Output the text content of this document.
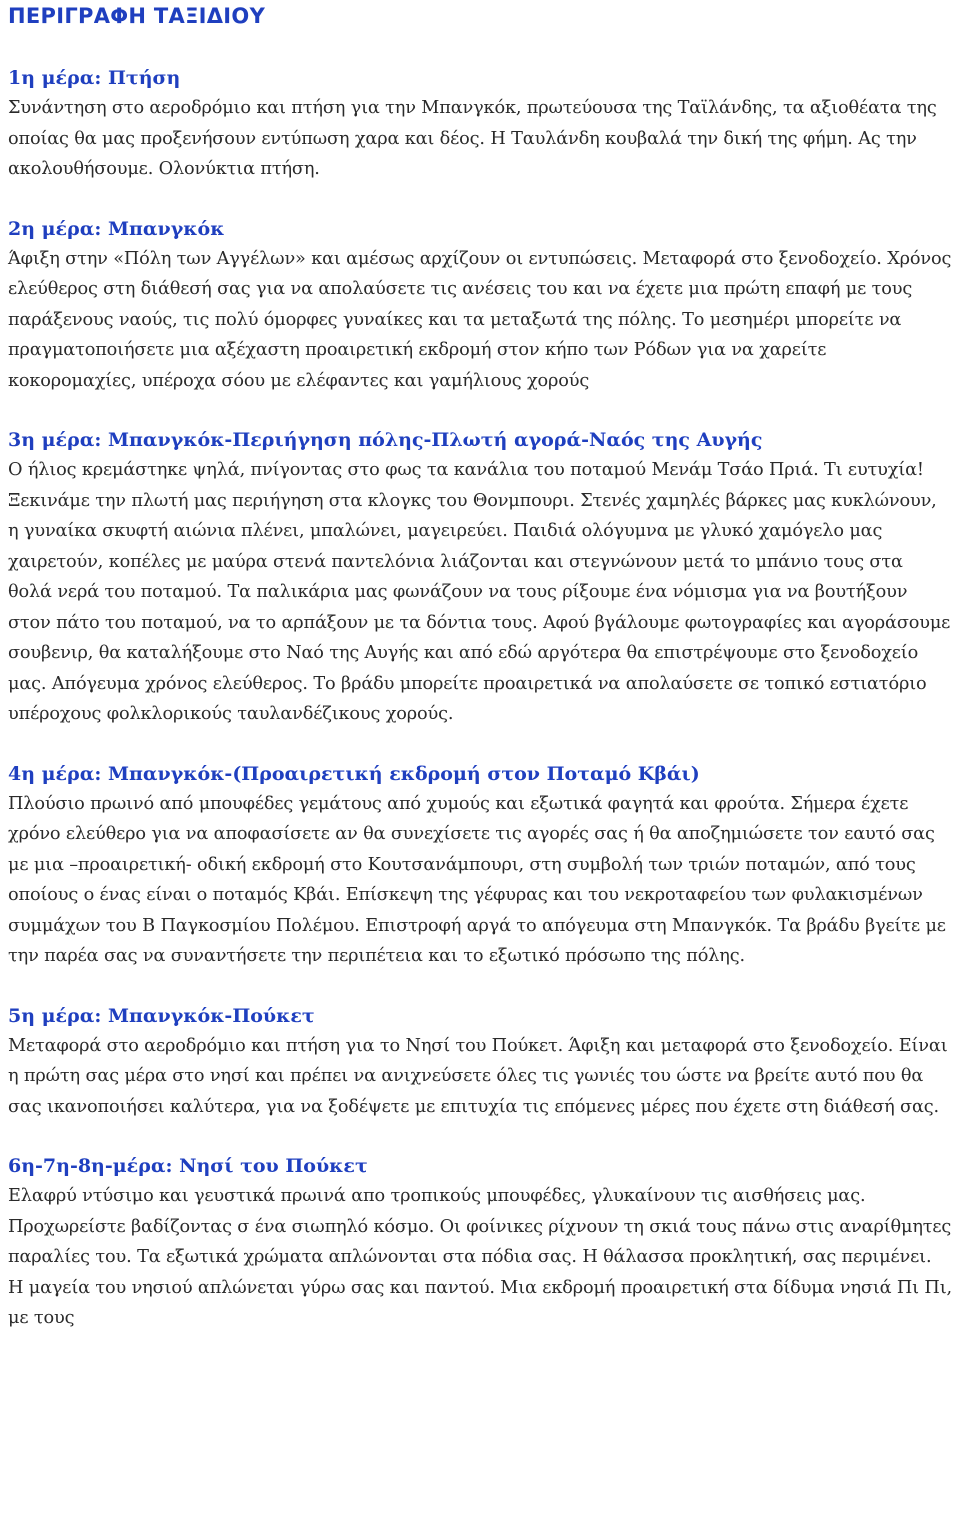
ΠΕΡΙΓΡΑΦΗ ΤΑΞΙΔΙΟΥ
1η μέρα: Πτήση

Συνάντηση στο αεροδρόμιο και πτήση για την Μπανγκόκ, πρωτεύουσα της Ταϊλάνδης, τα αξιοθέατα της οποίας θα μας προξενήσουν εντύπωση χαρα και δέος. Η Ταυλάνδη κουβαλά την δική της φήμη. Ας την ακολουθήσουμε. Ολονύκτια πτήση.

2η μέρα: Μπανγκόκ

Άφιξη στην «Πόλη των Αγγέλων» και αμέσως αρχίζουν οι εντυπώσεις. Μεταφορά στο ξενοδοχείο. Χρόνος ελεύθερος στη διάθεσή σας για να απολαύσετε τις ανέσεις του και να έχετε μια πρώτη επαφή με τους παράξενους ναούς, τις πολύ όμορφες γυναίκες και τα μεταξωτά της πόλης. Το μεσημέρι μπορείτε να πραγματοποιήσετε μια αξέχαστη προαιρετική εκδρομή στον κήπο των Ρόδων για να χαρείτε κοκορομαχίες, υπέροχα σόου με ελέφαντες και γαμήλιους χορούς

3η μέρα: Μπανγκόκ-Περιήγηση πόλης-Πλωτή αγορά-Ναός της Αυγής

Ο ήλιος κρεμάστηκε ψηλά, πνίγοντας στο φως τα κανάλια του ποταμού Μενάμ Τσάο Πριά. Τι ευτυχία! Ξεκινάμε την πλωτή μας περιήγηση στα κλογκς του Θονμπουρι. Στενές χαμηλές βάρκες μας κυκλώνουν, η γυναίκα σκυφτή αιώνια πλένει, μπαλώνει, μαγειρεύει. Παιδιά ολόγυμνα με γλυκό χαμόγελο μας χαιρετούν, κοπέλες με μαύρα στενά παντελόνια λιάζονται και στεγνώνουν μετά το μπάνιο τους στα θολά νερά του ποταμού. Τα παλικάρια μας φωνάζουν να τους ρίξουμε ένα νόμισμα για να βουτήξουν στον πάτο του ποταμού, να το αρπάξουν με τα δόντια τους. Αφού βγάλουμε φωτογραφίες και αγοράσουμε σουβενιρ, θα καταλήξουμε στο Ναό της Αυγής και από εδώ αργότερα θα επιστρέψουμε στο ξενοδοχείο μας. Απόγευμα χρόνος ελεύθερος. Το βράδυ μπορείτε προαιρετικά να απολαύσετε σε τοπικό εστιατόριο υπέροχους φολκλορικούς ταυλανδέζικους χορούς.

4η μέρα: Μπανγκόκ-(Προαιρετική εκδρομή στον Ποταμό Κβάι)

Πλούσιο πρωινό από μπουφέδες γεμάτους από χυμούς και εξωτικά φαγητά και φρούτα. Σήμερα έχετε χρόνο ελεύθερο για να αποφασίσετε αν θα συνεχίσετε τις αγορές σας ή θα αποζημιώσετε τον εαυτό σας με μια –προαιρετική- οδική εκδρομή στο Κουτσανάμπουρι, στη συμβολή των τριών ποταμών, από τους οποίους ο ένας είναι ο ποταμός Κβάι. Επίσκεψη της γέφυρας και του νεκροταφείου των φυλακισμένων συμμάχων του Β Παγκοσμίου Πολέμου. Επιστροφή αργά το απόγευμα στη Μπανγκόκ. Τα βράδυ βγείτε με την παρέα σας να συναντήσετε την περιπέτεια και το εξωτικό πρόσωπο της πόλης.

5η μέρα: Μπανγκόκ-Πούκετ

Μεταφορά στο αεροδρόμιο και πτήση για το Νησί του Πούκετ. Άφιξη και μεταφορά στο ξενοδοχείο. Είναι η πρώτη σας μέρα στο νησί και πρέπει να ανιχνεύσετε όλες τις γωνιές του ώστε να βρείτε αυτό που θα σας ικανοποιήσει καλύτερα, για να ξοδέψετε με επιτυχία τις επόμενες μέρες που έχετε στη διάθεσή σας.

6η-7η-8η-μέρα: Νησί του Πούκετ

Ελαφρύ ντύσιμο και γευστικά πρωινά απο τροπικούς μπουφέδες, γλυκαίνουν τις αισθήσεις μας. Προχωρείστε βαδίζοντας σ ένα σιωπηλό κόσμο. Οι φοίνικες ρίχνουν τη σκιά τους πάνω στις αναρίθμητες παραλίες του. Τα εξωτικά χρώματα απλώνονται στα πόδια σας. Η θάλασσα προκλητική, σας περιμένει. Η μαγεία του νησιού απλώνεται γύρω σας και παντού. Μια εκδρομή προαιρετική στα δίδυμα νησιά Πι Πι, με τους
